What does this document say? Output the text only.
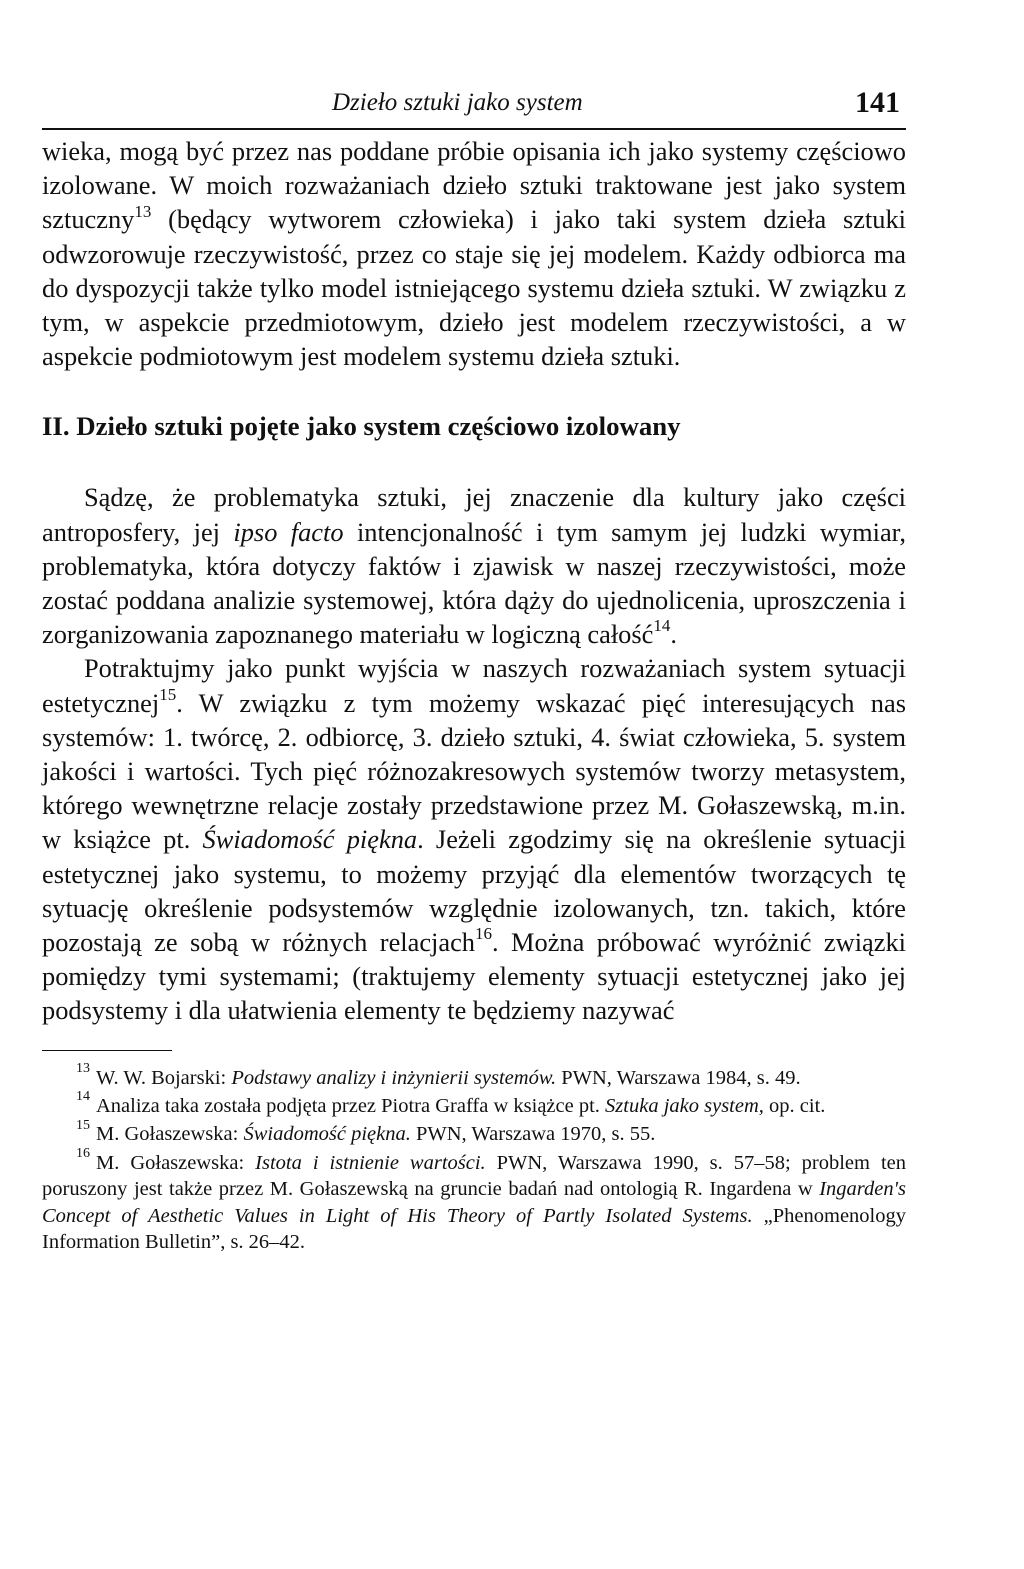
Dzieło sztuki jako system	141

wieka, mogą być przez nas poddane próbie opisania ich jako systemy częściowo izolowane. W moich rozważaniach dzieło sztuki traktowane jest jako system sztuczny$^{13}$ (będący wytworem człowieka) i jako taki system dzieła sztuki odwzorowuje rzeczywistość, przez co staje się jej modelem. Każdy odbiorca ma do dyspozycji także tylko model istniejącego systemu dzieła sztuki. W związku z tym, w aspekcie przedmiotowym, dzieło jest modelem rzeczywistości, a w aspekcie podmiotowym jest modelem systemu dzieła sztuki.

II. Dzieło sztuki pojęte jako system częściowo izolowany

Sądzę, że problematyka sztuki, jej znaczenie dla kultury jako części antroposfery, jej ipso facto intencjonalność i tym samym jej ludzki wymiar, problematyka, która dotyczy faktów i zjawisk w naszej rzeczywistości, może zostać poddana analizie systemowej, która dąży do ujednolicenia, uproszczenia i zorganizowania zapoznanego materiału w logiczną całość$^{14}$.

Potraktujmy jako punkt wyjścia w naszych rozważaniach system sytuacji estetycznej$^{15}$. W związku z tym możemy wskazać pięć interesujących nas systemów: 1. twórcę, 2. odbiorcę, 3. dzieło sztuki, 4. świat człowieka, 5. system jakości i wartości. Tych pięć różnozakresowych systemów tworzy metasystem, którego wewnętrzne relacje zostały przedstawione przez M. Gołaszewską, m.in. w książce pt. Świadomość piękna. Jeżeli zgodzimy się na określenie sytuacji estetycznej jako systemu, to możemy przyjąć dla elementów tworzących tę sytuację określenie podsystemów względnie izolowanych, tzn. takich, które pozostają ze sobą w różnych relacjach$^{16}$. Można próbować wyróżnić związki pomiędzy tymi systemami; (traktujemy elementy sytuacji estetycznej jako jej podsystemy i dla ułatwienia elementy te będziemy nazywać

$^{13}$ W. W. Bojarski: Podstawy analizy i inżynierii systemów. PWN, Warszawa 1984, s. 49.

$^{14}$ Analiza taka została podjęta przez Piotra Graffa w książce pt. Sztuka jako system, op. cit.

$^{15}$ M. Gołaszewska: Świadomość piękna. PWN, Warszawa 1970, s. 55.

$^{16}$ M. Gołaszewska: Istota i istnienie wartości. PWN, Warszawa 1990, s. 57–58; problem ten poruszony jest także przez M. Gołaszewską na gruncie badań nad ontologią R. Ingardena w Ingarden's Concept of Aesthetic Values in Light of His Theory of Partly Isolated Systems. „Phenomenology Information Bulletin”, s. 26–42.
